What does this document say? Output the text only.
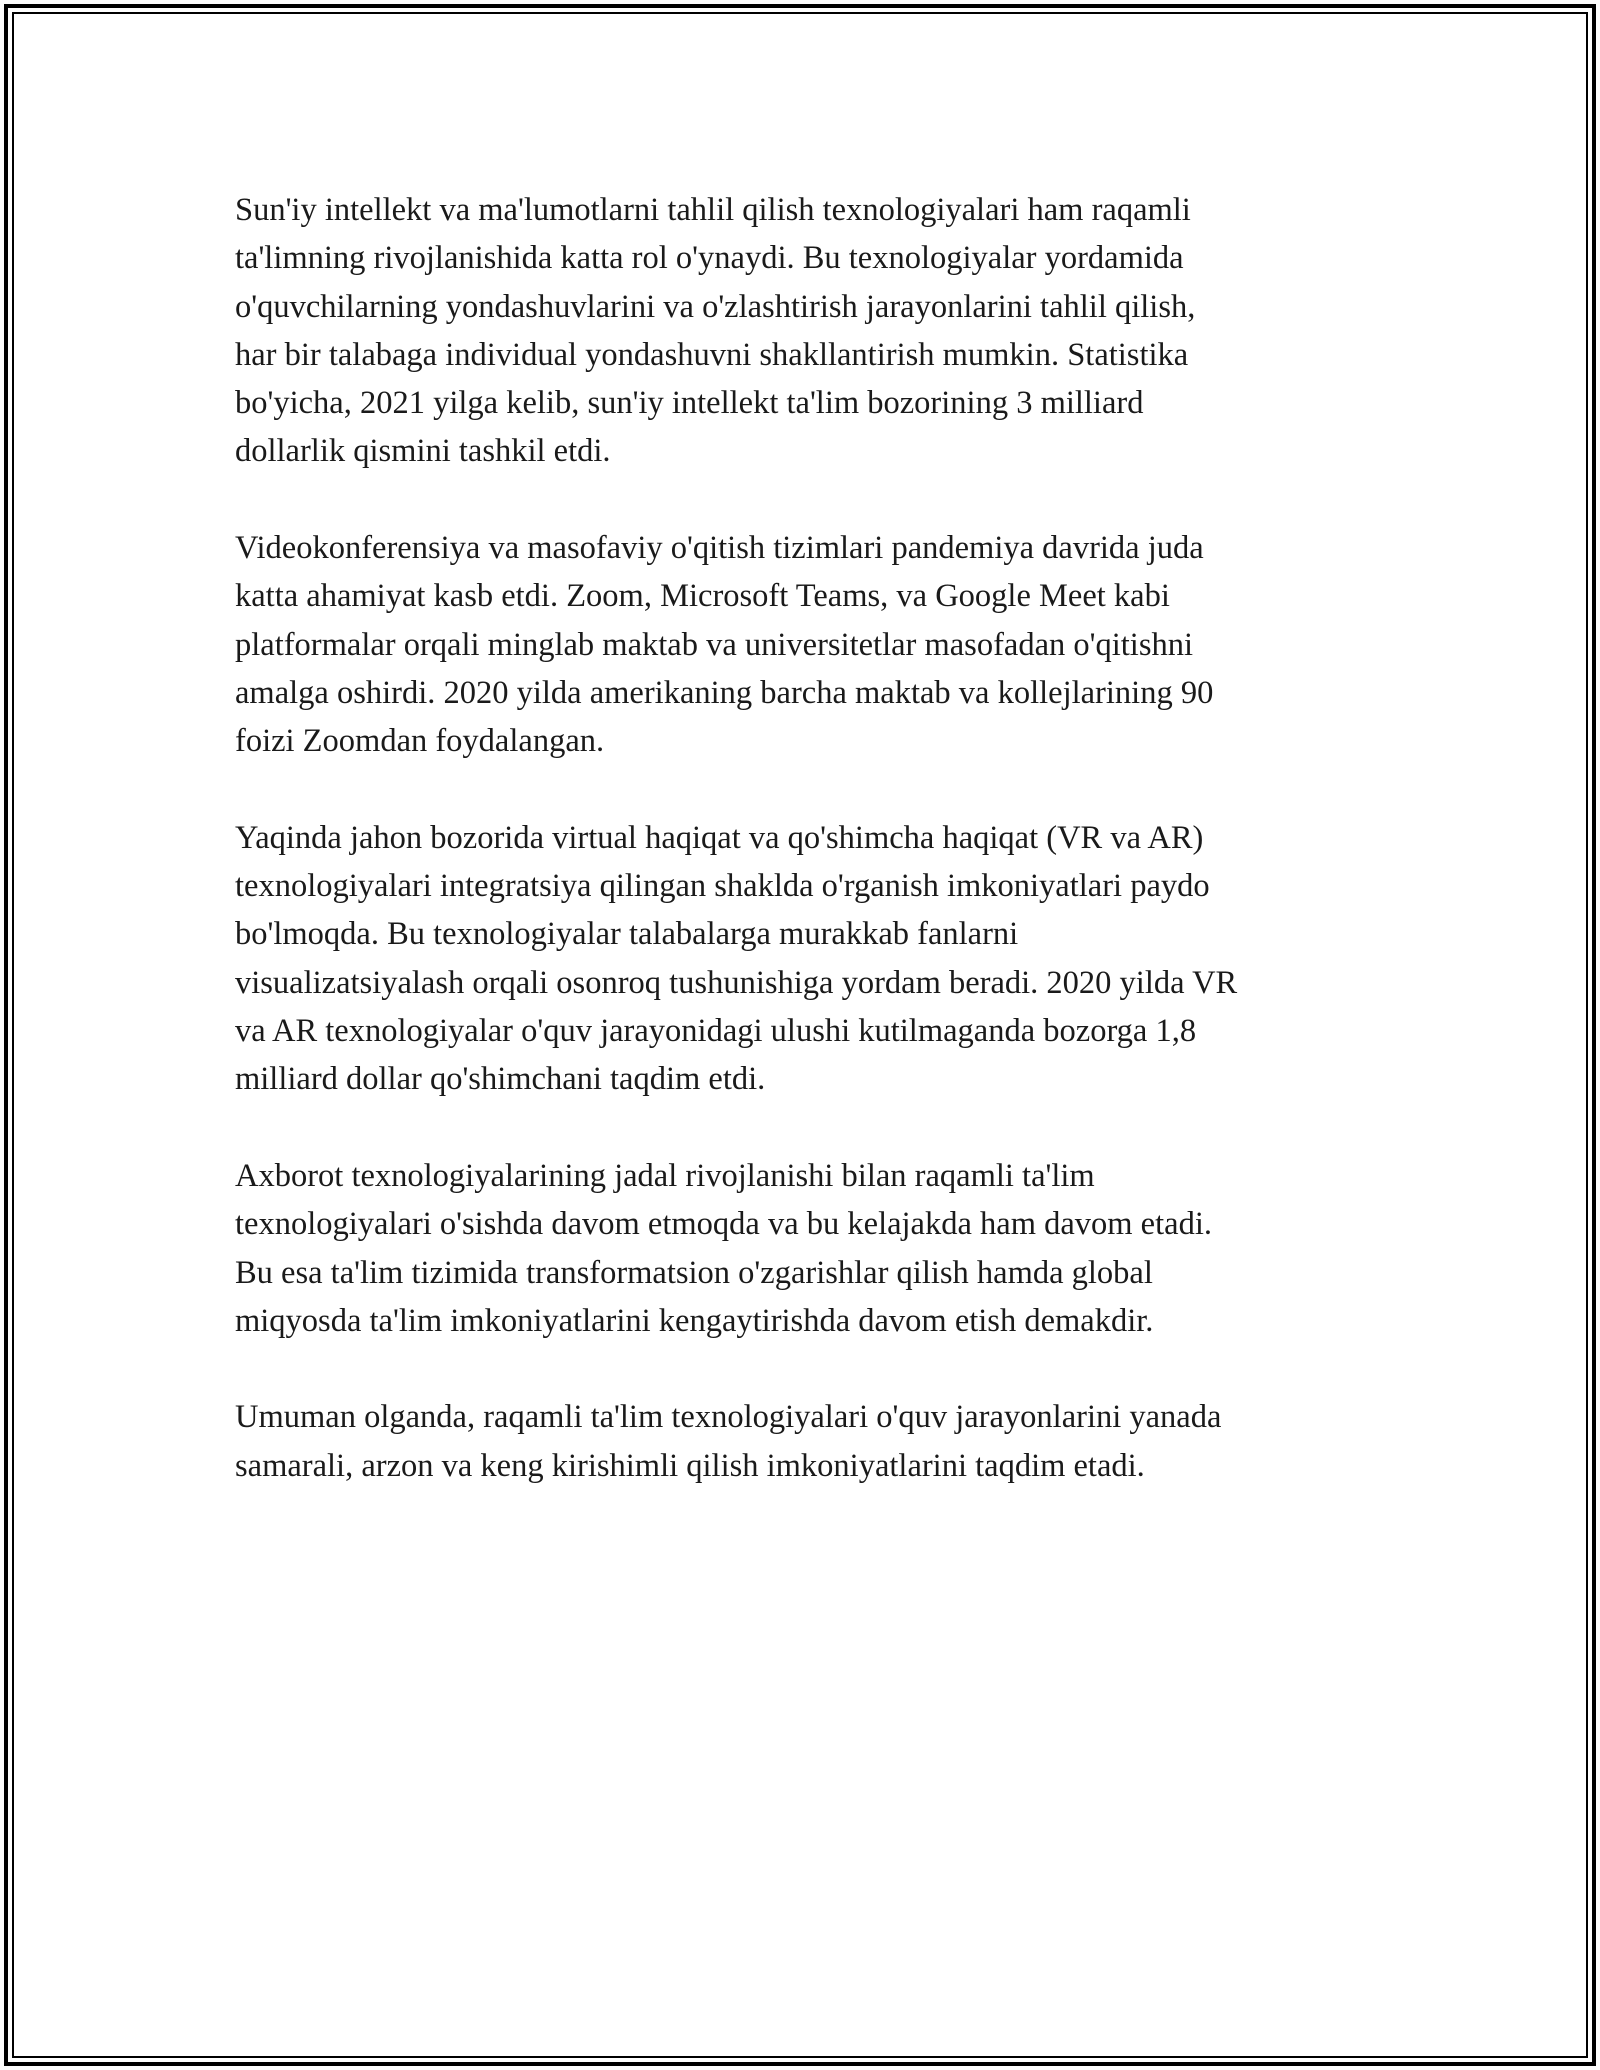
Sun'iy intellekt va ma'lumotlarni tahlil qilish texnologiyalari ham raqamli
ta'limning rivojlanishida katta rol o'ynaydi. Bu texnologiyalar yordamida
o'quvchilarning yondashuvlarini va o'zlashtirish jarayonlarini tahlil qilish,
har bir talabaga individual yondashuvni shakllantirish mumkin. Statistika
bo'yicha, 2021 yilga kelib, sun'iy intellekt ta'lim bozorining 3 milliard
dollarlik qismini tashkil etdi.

Videokonferensiya va masofaviy o'qitish tizimlari pandemiya davrida juda
katta ahamiyat kasb etdi. Zoom, Microsoft Teams, va Google Meet kabi
platformalar orqali minglab maktab va universitetlar masofadan o'qitishni
amalga oshirdi. 2020 yilda amerikaning barcha maktab va kollejlarining 90
foizi Zoomdan foydalangan.

Yaqinda jahon bozorida virtual haqiqat va qo'shimcha haqiqat (VR va AR)
texnologiyalari integratsiya qilingan shaklda o'rganish imkoniyatlari paydo
bo'lmoqda. Bu texnologiyalar talabalarga murakkab fanlarni
visualizatsiyalash orqali osonroq tushunishiga yordam beradi. 2020 yilda VR
va AR texnologiyalar o'quv jarayonidagi ulushi kutilmaganda bozorga 1,8
milliard dollar qo'shimchani taqdim etdi.

Axborot texnologiyalarining jadal rivojlanishi bilan raqamli ta'lim
texnologiyalari o'sishda davom etmoqda va bu kelajakda ham davom etadi.
Bu esa ta'lim tizimida transformatsion o'zgarishlar qilish hamda global
miqyosda ta'lim imkoniyatlarini kengaytirishda davom etish demakdir.

Umuman olganda, raqamli ta'lim texnologiyalari o'quv jarayonlarini yanada
samarali, arzon va keng kirishimli qilish imkoniyatlarini taqdim etadi.
